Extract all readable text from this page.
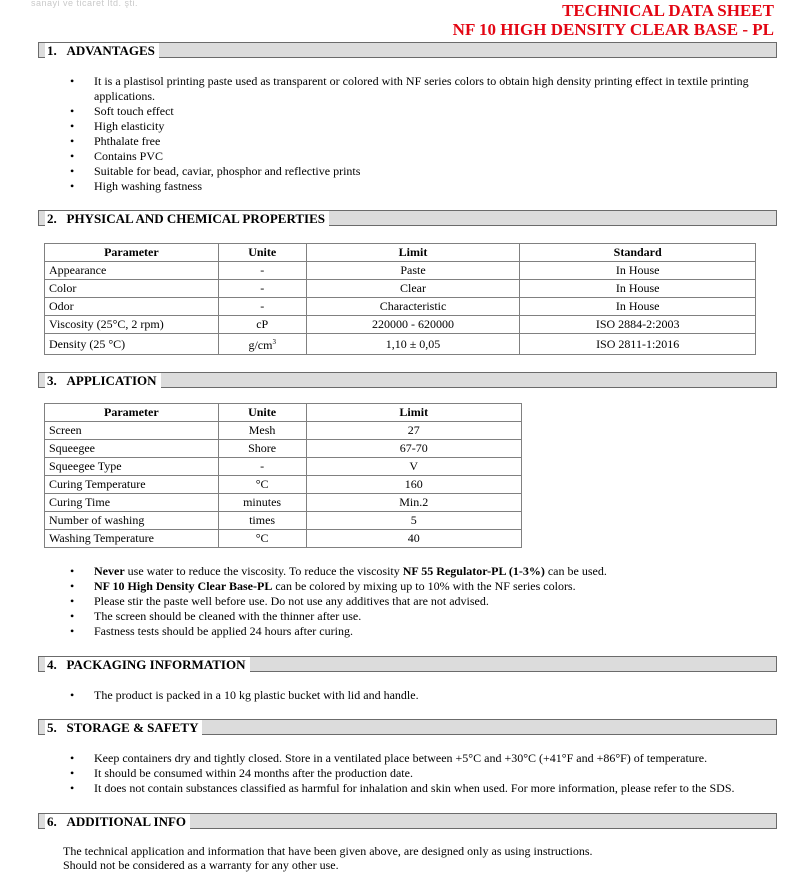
sanayi ve ticaret ltd. şti.	TECHNICAL DATA SHEET
NF 10 HIGH DENSITY CLEAR BASE - PL
1. ADVANTAGES
• It is a plastisol printing paste used as transparent or colored with NF series colors to obtain high density printing effect in textile printing applications.
• Soft touch effect
• High elasticity
• Phthalate free
• Contains PVC
• Suitable for bead, caviar, phosphor and reflective prints
• High washing fastness
2. PHYSICAL AND CHEMICAL PROPERTIES
Parameter	Unite	Limit	Standard
Appearance	-	Paste	In House
Color	-	Clear	In House
Odor	-	Characteristic	In House
Viscosity (25°C, 2 rpm)	cP	220000 - 620000	ISO 2884-2:2003
Density (25 °C)	$g/cm^3$	1,10 ± 0,05	ISO 2811-1:2016
3. APPLICATION
Parameter	Unite	Limit
Screen	Mesh	27
Squeegee	Shore	67-70
Squeegee Type	-	V
Curing Temperature	°C	160
Curing Time	minutes	Min.2
Number of washing	times	5
Washing Temperature	°C	40
• Never use water to reduce the viscosity. To reduce the viscosity NF 55 Regulator-PL (1-3%) can be used.
• NF 10 High Density Clear Base-PL can be colored by mixing up to 10% with the NF series colors.
• Please stir the paste well before use. Do not use any additives that are not advised.
• The screen should be cleaned with the thinner after use.
• Fastness tests should be applied 24 hours after curing.
4. PACKAGING INFORMATION
• The product is packed in a 10 kg plastic bucket with lid and handle.
5. STORAGE & SAFETY
• Keep containers dry and tightly closed. Store in a ventilated place between +5°C and +30°C (+41°F and +86°F) of temperature.
• It should be consumed within 24 months after the production date.
• It does not contain substances classified as harmful for inhalation and skin when used. For more information, please refer to the SDS.
6. ADDITIONAL INFO
The technical application and information that have been given above, are designed only as using instructions.
Should not be considered as a warranty for any other use.
